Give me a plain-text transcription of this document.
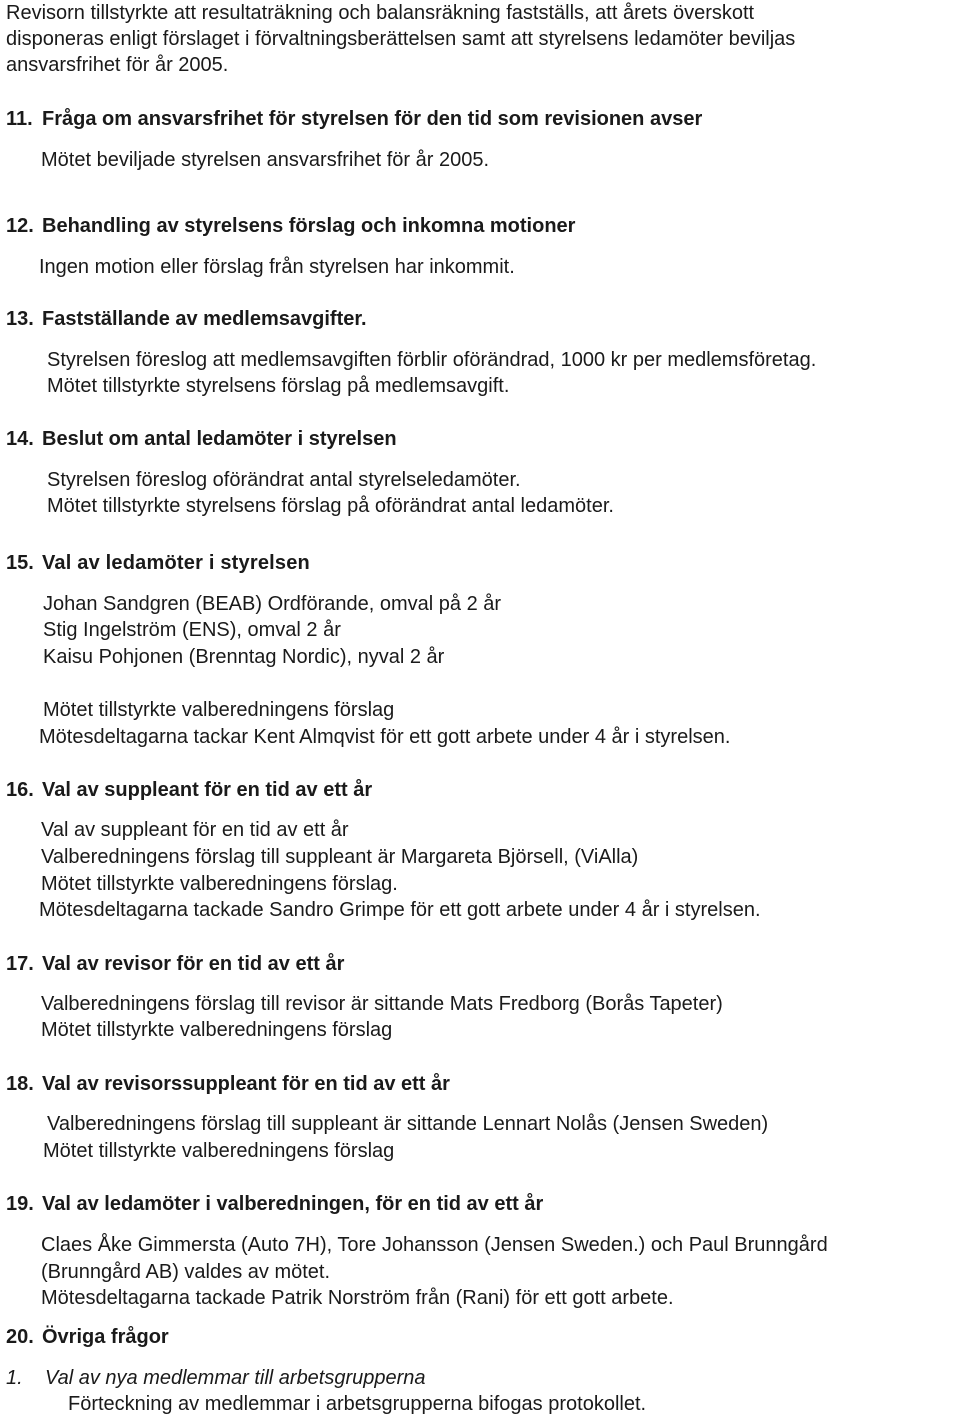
Revisorn tillstyrkte att resultaträkning och balansräkning fastställs, att årets överskott

disponeras enligt förslaget i förvaltningsberättelsen samt att styrelsens ledamöter beviljas

ansvarsfrihet för år 2005.

11. Fråga om ansvarsfrihet för styrelsen för den tid som revisionen avser

Mötet beviljade styrelsen ansvarsfrihet för år 2005.

12. Behandling av styrelsens förslag och inkomna motioner

Ingen motion eller förslag från styrelsen har inkommit.

13. Fastställande av medlemsavgifter.

Styrelsen föreslog att medlemsavgiften förblir oförändrad, 1000 kr per medlemsföretag.

Mötet tillstyrkte styrelsens förslag på medlemsavgift.

14. Beslut om antal ledamöter i styrelsen

Styrelsen föreslog oförändrat antal styrelseledamöter.

Mötet tillstyrkte styrelsens förslag på oförändrat antal ledamöter.

15. Val av ledamöter i styrelsen

Johan Sandgren (BEAB) Ordförande, omval på 2 år

Stig Ingelström (ENS), omval 2 år

Kaisu Pohjonen (Brenntag Nordic), nyval 2 år

Mötet tillstyrkte valberedningens förslag

Mötesdeltagarna tackar Kent Almqvist för ett gott arbete under 4 år i styrelsen.

16. Val av suppleant för en tid av ett år

Val av suppleant för en tid av ett år

Valberedningens förslag till suppleant är Margareta Björsell, (ViAlla)

Mötet tillstyrkte valberedningens förslag.

Mötesdeltagarna tackade Sandro Grimpe för ett gott arbete under 4 år i styrelsen.

17. Val av revisor för en tid av ett år

Valberedningens förslag till revisor är sittande Mats Fredborg (Borås Tapeter)

Mötet tillstyrkte valberedningens förslag

18. Val av revisorssuppleant för en tid av ett år

Valberedningens förslag till suppleant är sittande Lennart Nolås (Jensen Sweden)

Mötet tillstyrkte valberedningens förslag

19. Val av ledamöter i valberedningen, för en tid av ett år

Claes Åke Gimmersta (Auto 7H), Tore Johansson (Jensen Sweden.) och Paul Brunngård

(Brunngård AB) valdes av mötet.

Mötesdeltagarna tackade Patrik Norström från (Rani) för ett gott arbete.

20. Övriga frågor

1. Val av nya medlemmar till arbetsgrupperna

Förteckning av medlemmar i arbetsgrupperna bifogas protokollet.
